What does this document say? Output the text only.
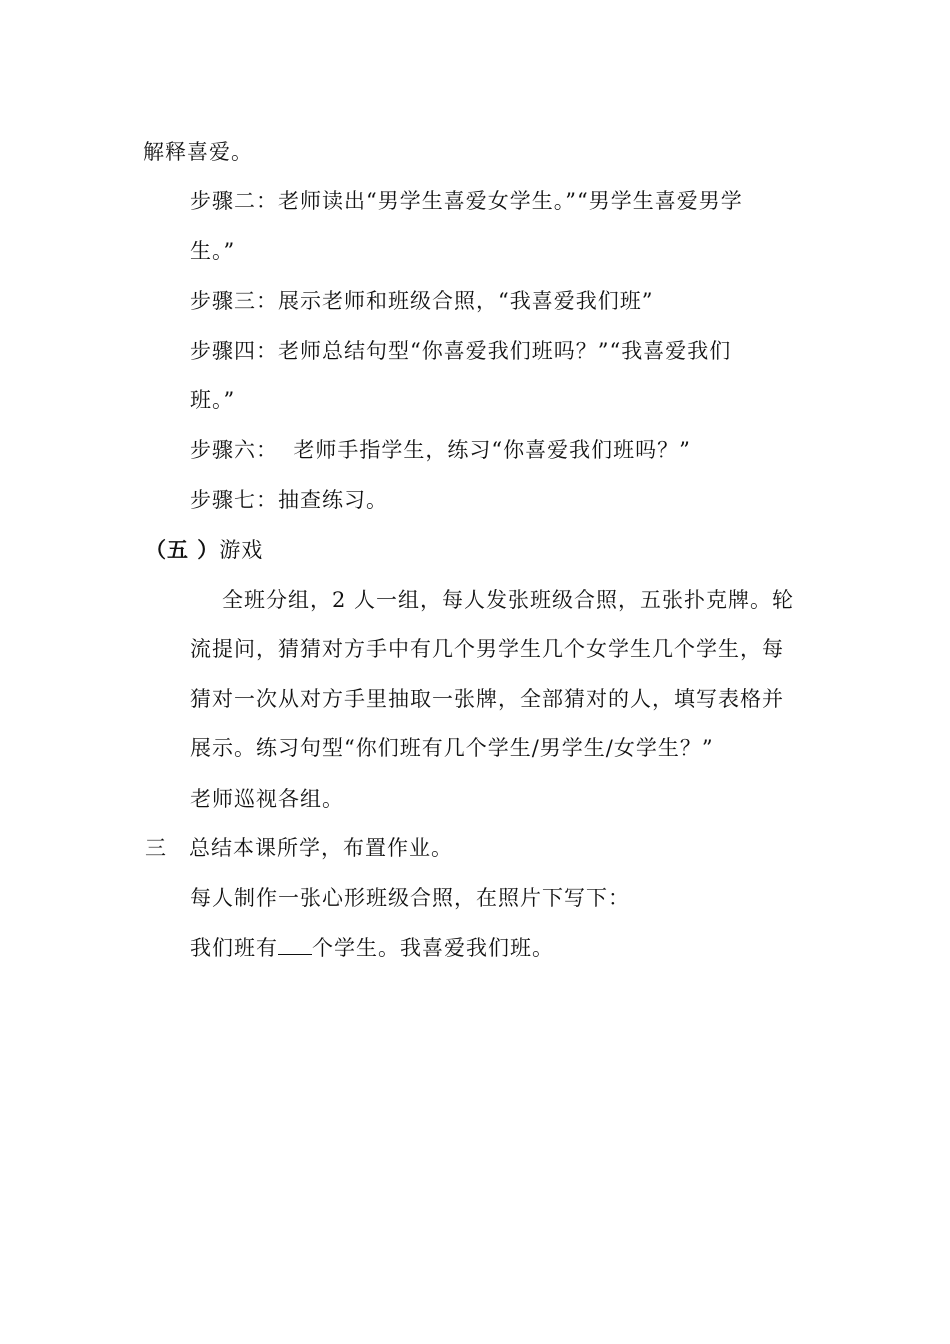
解释喜爱。
步骤二：老师读出“男学生喜爱女学生。”“男学生喜爱男学
生。”
步骤三：展示老师和班级合照，“我喜爱我们班”
步骤四：老师总结句型“你喜爱我们班吗？”“我喜爱我们
班。”
步骤六：  老师手指学生，练习“你喜爱我们班吗？”
步骤七：抽查练习。
（五 ）游戏
全班分组，2 人一组，每人发张班级合照，五张扑克牌。轮
流提问，猜猜对方手中有几个男学生几个女学生几个学生，每
猜对一次从对方手里抽取一张牌，全部猜对的人，填写表格并
展示。练习句型“你们班有几个学生/男学生/女学生？”
老师巡视各组。
三 总结本课所学，布置作业。
每人制作一张心形班级合照，在照片下写下：
我们班有 个学生。我喜爱我们班。
